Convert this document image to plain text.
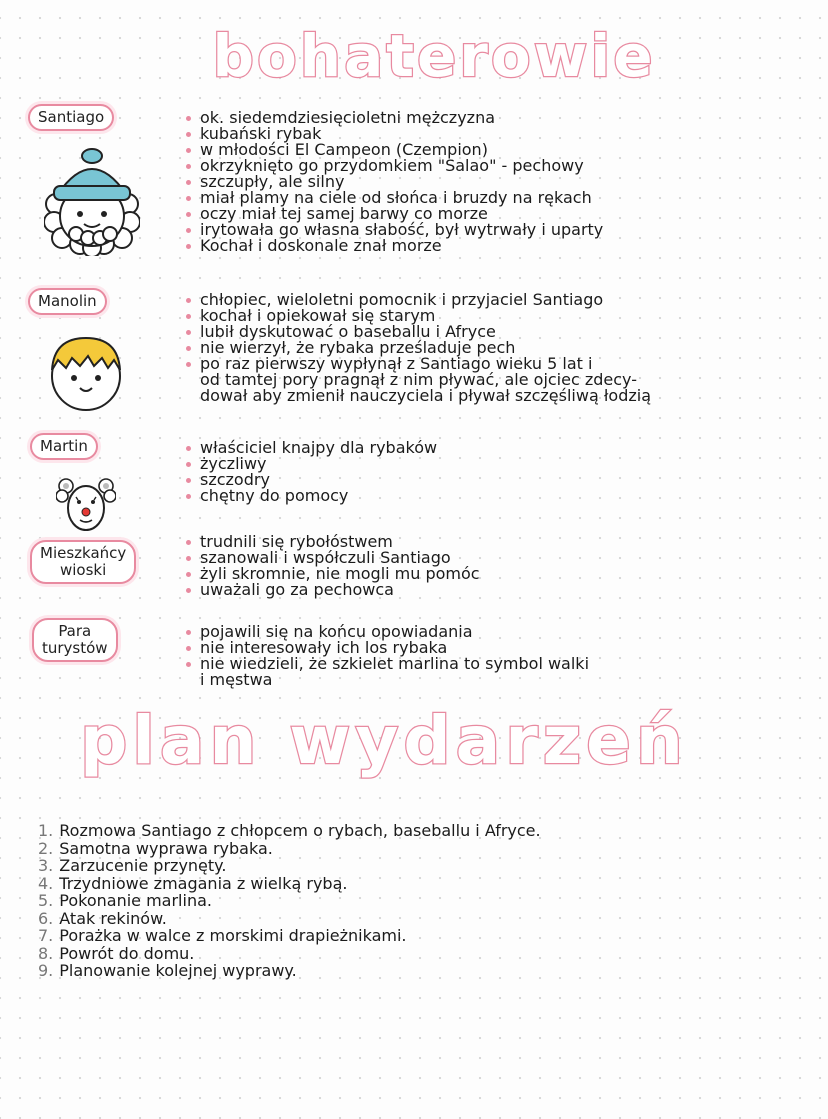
bohaterowie
Santiago	ok. siedemdziesięcioletni mężczyzna
kubański rybak
w młodości El Campeon (Czempion)
okrzyknięto go przydomkiem "Salao" - pechowy
szczupły, ale silny
miał plamy na ciele od słońca i bruzdy na rękach
oczy miał tej samej barwy co morze
irytowała go własna słabość, był wytrwały i uparty
Kochał i doskonale znał morze
Manolin	chłopiec, wieloletni pomocnik i przyjaciel Santiago
kochał i opiekował się starym
lubił dyskutować o baseballu i Afryce
nie wierzył, że rybaka prześladuje pech
po raz pierwszy wypłynął z Santiago wieku 5 lat i
od tamtej pory pragnął z nim pływać, ale ojciec zdecy-
dował aby zmienił nauczyciela i pływał szczęśliwą łodzią
Martin	właściciel knajpy dla rybaków
życzliwy
szczodry
chętny do pomocy
Mieszkańcy
wioski
trudnili się rybołóstwem
szanowali i współczuli Santiago
żyli skromnie, nie mogli mu pomóc
uważali go za pechowca
Para
turystów
pojawili się na końcu opowiadania
nie interesowały ich los rybaka
nie wiedzieli, że szkielet marlina to symbol walki
i męstwa
plan wydarzeń
1. Rozmowa Santiago z chłopcem o rybach, baseballu i Afryce.
2. Samotna wyprawa rybaka.
3. Zarzucenie przynęty.
4. Trzydniowe zmagania z wielką rybą.
5. Pokonanie marlina.
6. Atak rekinów.
7. Porażka w walce z morskimi drapieżnikami.
8. Powrót do domu.
9. Planowanie kolejnej wyprawy.
